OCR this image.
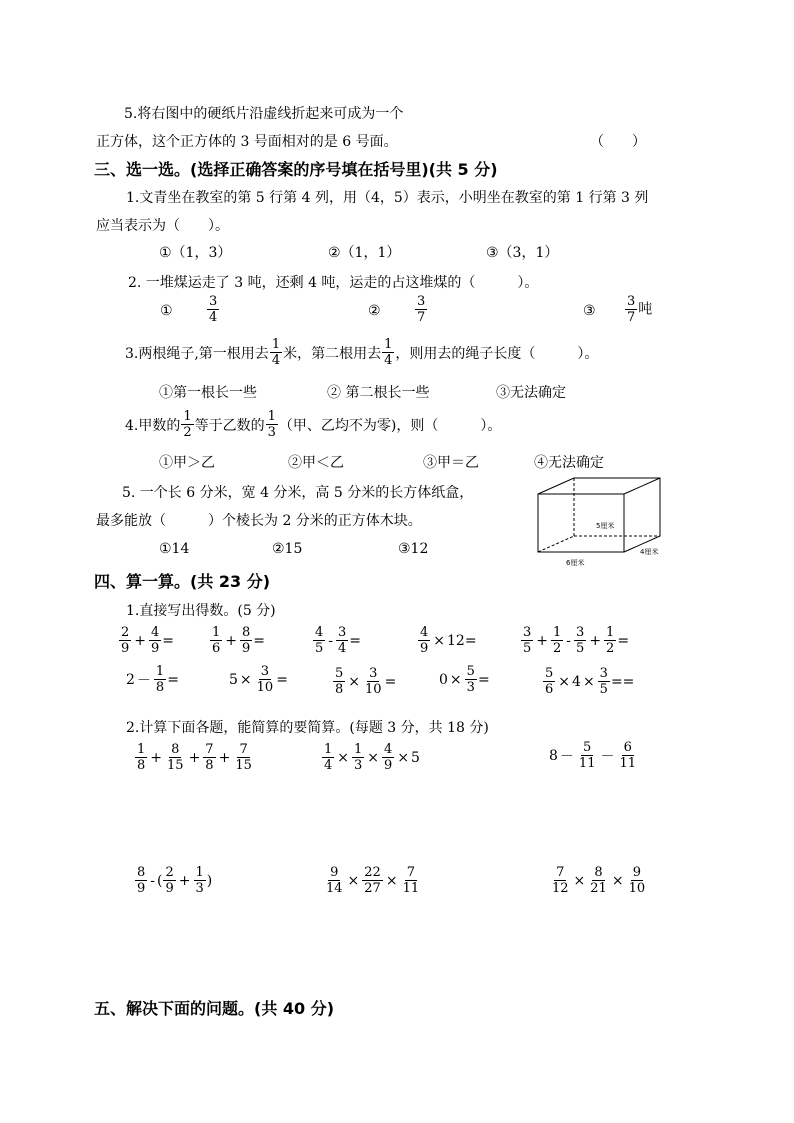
5.将右图中的硬纸片沿虚线折起来可成为一个
正方体，这个正方体的 3 号面相对的是 6 号面。	（　　）
三、选一选。(选择正确答案的序号填在括号里)(共 5 分)
1.文青坐在教室的第 5 行第 4 列，用（4，5）表示，小明坐在教室的第 1 行第 3 列
应当表示为（　　）。
①（1，3）	②（1，1）	③（3，1）
2. 一堆煤运走了 3 吨，还剩 4 吨，运走的占这堆煤的（　　　）。
①	$\frac{3}{4}$	②	$\frac{3}{7}$	③ $\frac{3}{7}$ 吨
3.两根绳子,第一根用去 $\frac{1}{4}$ 米，第二根用去 $\frac{1}{4}$ ，则用去的绳子长度（　　　）。
①第一根长一些	② 第二根长一些	③无法确定
4.甲数的 $\frac{1}{2}$ 等于乙数的 $\frac{1}{3}$ （甲、乙均不为零)，则（　　　）。
①甲＞乙	②甲＜乙	③甲＝乙	④无法确定
5. 一个长 6 分米，宽 4 分米，高 5 分米的长方体纸盒，
最多能放（　　　）个棱长为 2 分米的正方体木块。
①14	②15	③12
5厘米
4厘米
6厘米
四、算一算。(共 23 分)
1.直接写出得数。(5 分)
$\frac{2}{9} + \frac{4}{9}$ =	$\frac{1}{6} + \frac{8}{9}$ =	$\frac{4}{5} - \frac{3}{4}$ =	$\frac{4}{9} \times 12$ =	$\frac{3}{5} + \frac{1}{2} - \frac{3}{5} + \frac{1}{2}$ =
$2 - \frac{1}{8}$ =	$5 \times \frac{3}{10}$ =	$\frac{5}{8} \times \frac{3}{10}$ =	$0 \times \frac{5}{3}$ =	$\frac{5}{6} \times 4 \times \frac{3}{5}$ ==
2.计算下面各题，能简算的要简算。(每题 3 分，共 18 分)
$\frac{1}{8} + \frac{8}{15} + \frac{7}{8} + \frac{7}{15}$	$\frac{1}{4} \times \frac{1}{3} \times \frac{4}{9} \times 5$	$8 - \frac{5}{11} - \frac{6}{11}$
$\frac{8}{9}$ - ( $\frac{2}{9} + \frac{1}{3}$ )	$\frac{9}{14} \times \frac{22}{27} \times \frac{7}{11}$	$\frac{7}{12} \times \frac{8}{21} \times \frac{9}{10}$
五、解决下面的问题。(共 40 分)
